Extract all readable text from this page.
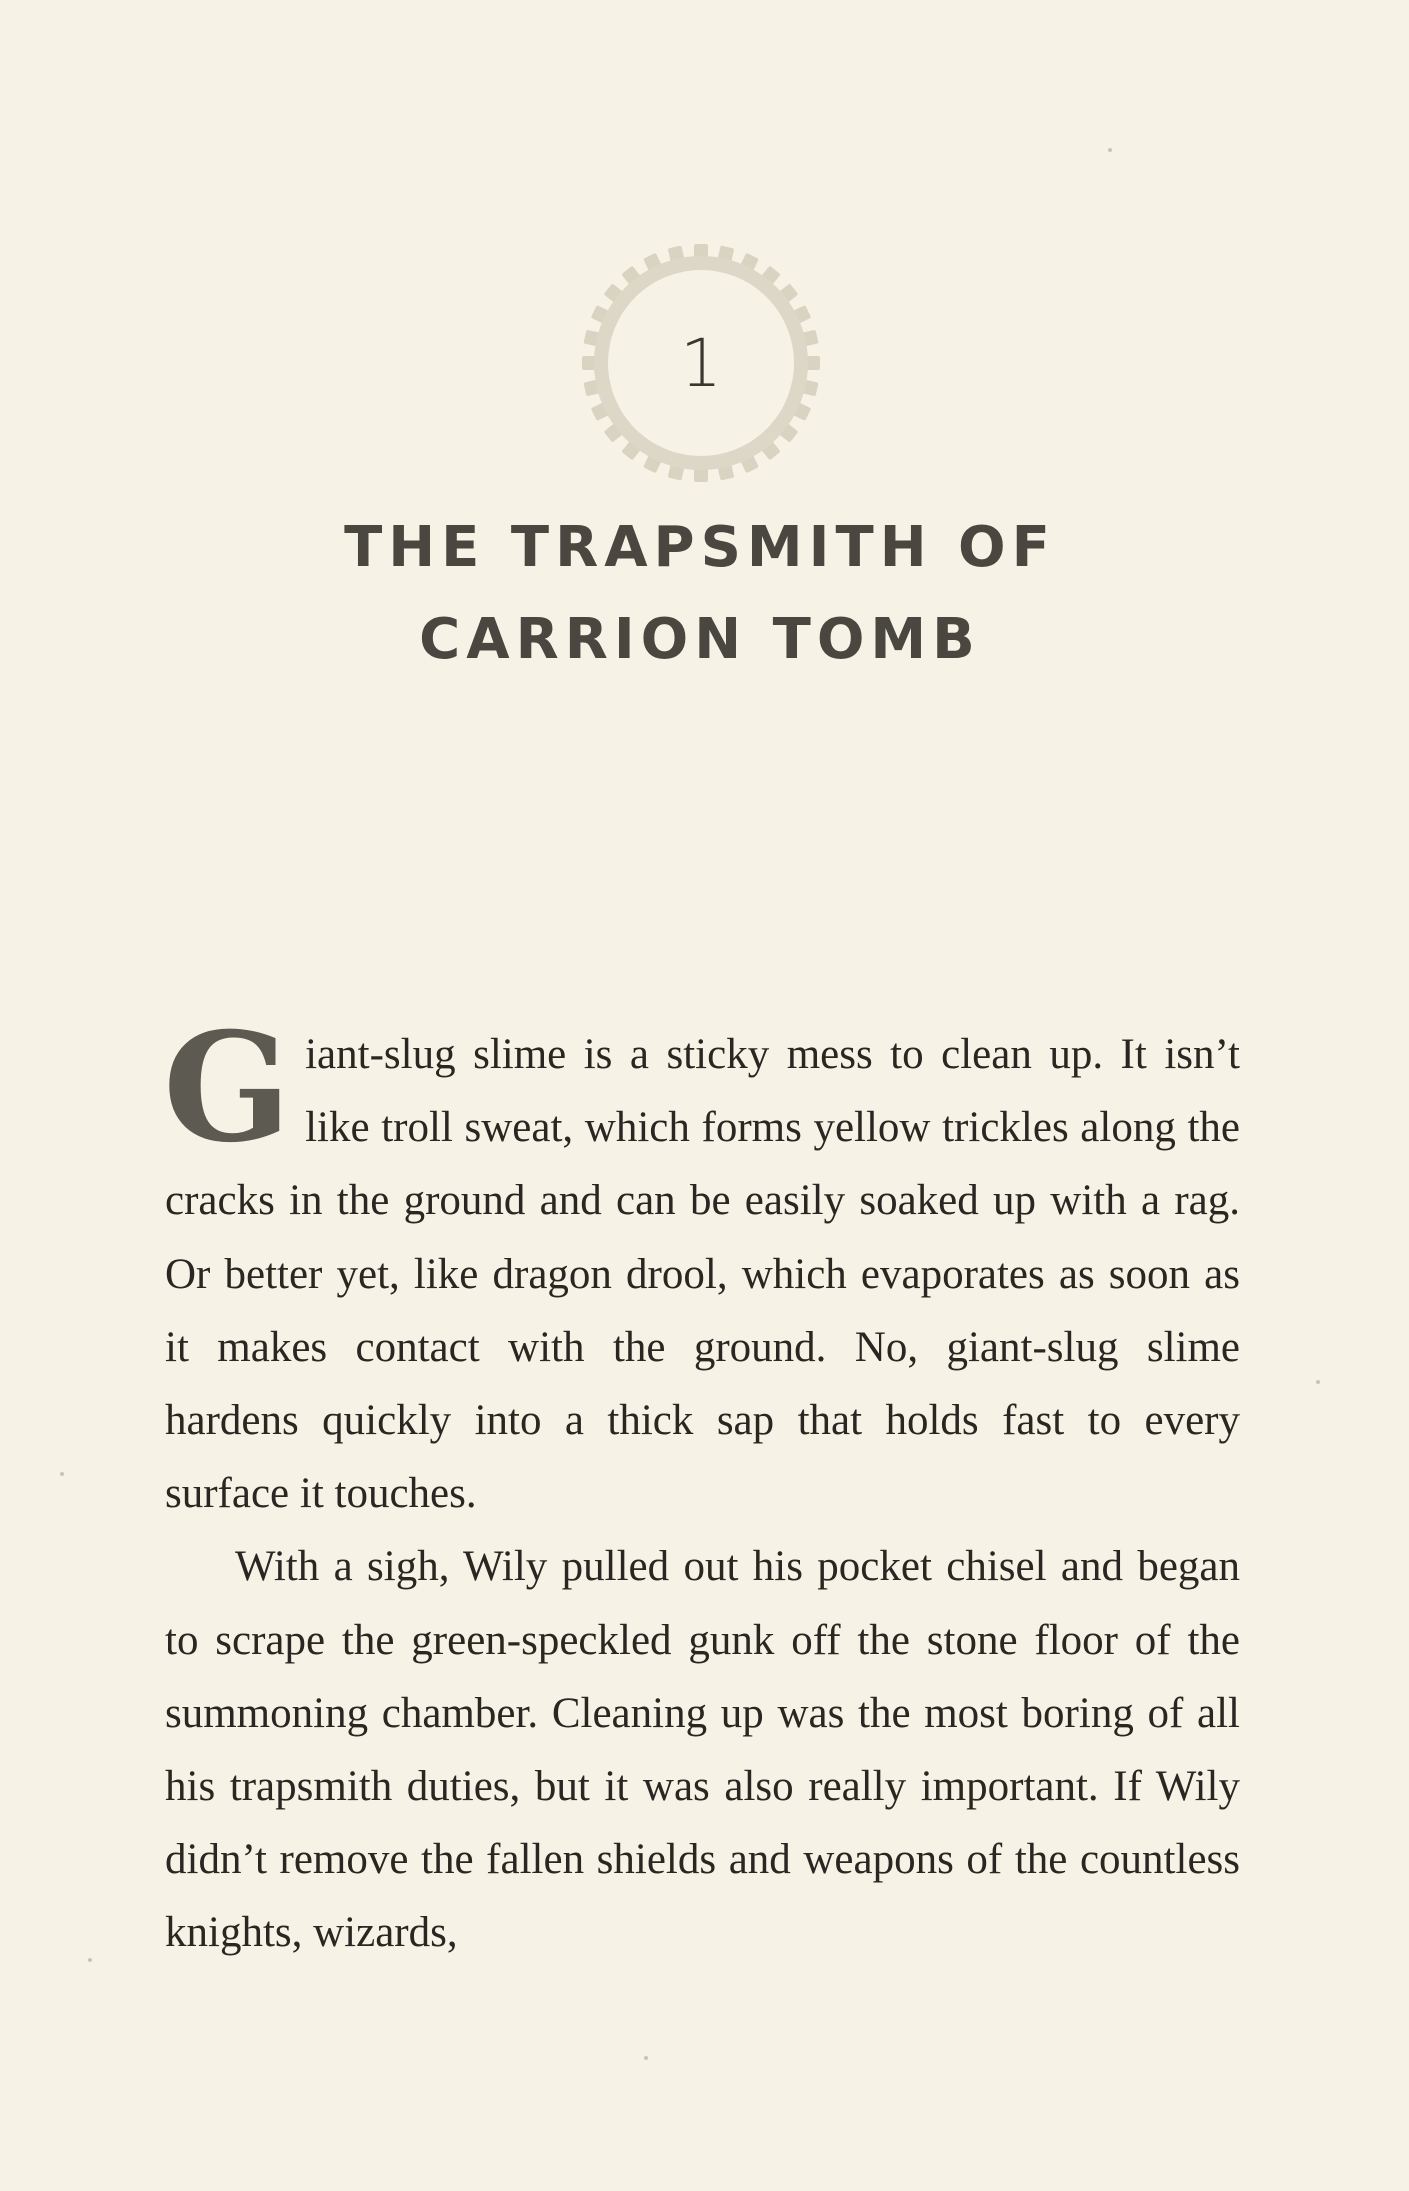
1
THE TRAPSMITH OF
CARRION TOMB

Giant-slug slime is a sticky mess to clean up. It isn’t like troll sweat, which forms yellow trickles along the cracks in the ground and can be easily soaked up with a rag. Or better yet, like dragon drool, which evaporates as soon as it makes contact with the ground. No, giant-slug slime hardens quickly into a thick sap that holds fast to every surface it touches.

With a sigh, Wily pulled out his pocket chisel and began to scrape the green-speckled gunk off the stone floor of the summoning chamber. Cleaning up was the most boring of all his trapsmith duties, but it was also really important. If Wily didn’t remove the fallen shields and weapons of the countless knights, wizards,
